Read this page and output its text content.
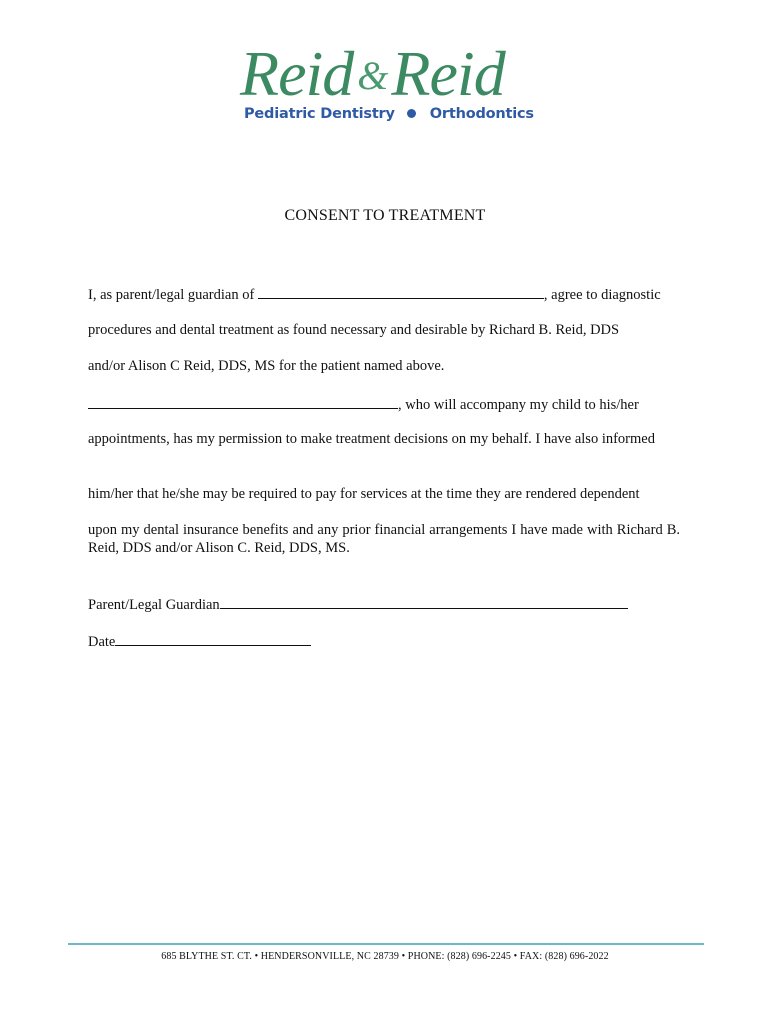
Reid &Reid
Pediatric Dentistry Orthodontics
CONSENT TO TREATMENT
I, as parent/legal guardian of	, agree to diagnostic
procedures and dental treatment as found necessary and desirable by Richard B. Reid, DDS
and/or Alison C Reid, DDS, MS for the patient named above.
, who will accompany my child to his/her
appointments, has my permission to make treatment decisions on my behalf. I have also informed
him/her that he/she may be required to pay for services at the time they are rendered dependent
upon my dental insurance benefits and any prior financial arrangements I have made with Richard B. Reid, DDS and/or Alison C. Reid, DDS, MS.
Parent/Legal Guardian
Date
685 BLYTHE ST. CT. • HENDERSONVILLE, NC 28739 • PHONE: (828) 696-2245 • FAX: (828) 696-2022
